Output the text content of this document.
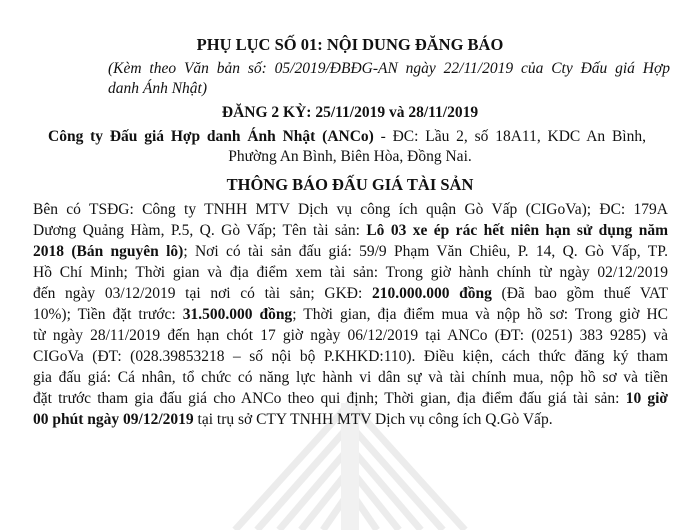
PHỤ LỤC SỐ 01: NỘI DUNG ĐĂNG BÁO
(Kèm theo Văn bản số: 05/2019/ĐBĐG-AN ngày 22/11/2019 của Cty Đấu giá Hợp
danh Ánh Nhật)
ĐĂNG 2 KỲ: 25/11/2019 và 28/11/2019
Công ty Đấu giá Hợp danh Ánh Nhật (ANCo) - ĐC: Lầu 2, số 18A11, KDC An Bình,
Phường An Bình, Biên Hòa, Đồng Nai.
THÔNG BÁO ĐẤU GIÁ TÀI SẢN
Bên có TSĐG: Công ty TNHH MTV Dịch vụ công ích quận Gò Vấp (CIGoVa); ĐC: 179A
Dương Quảng Hàm, P.5, Q. Gò Vấp; Tên tài sản: Lô 03 xe ép rác hết niên hạn sử dụng năm
2018 (Bán nguyên lô); Nơi có tài sản đấu giá: 59/9 Phạm Văn Chiêu, P. 14, Q. Gò Vấp, TP.
Hồ Chí Minh; Thời gian và địa điểm xem tài sản: Trong giờ hành chính từ ngày 02/12/2019
đến ngày 03/12/2019 tại nơi có tài sản; GKĐ: 210.000.000 đồng (Đã bao gồm thuế VAT
10%); Tiền đặt trước: 31.500.000 đồng; Thời gian, địa điểm mua và nộp hồ sơ: Trong giờ HC
từ ngày 28/11/2019 đến hạn chót 17 giờ ngày 06/12/2019 tại ANCo (ĐT: (0251) 383 9285) và
CIGoVa (ĐT: (028.39853218 – số nội bộ P.KHKD:110). Điều kiện, cách thức đăng ký tham
gia đấu giá: Cá nhân, tổ chức có năng lực hành vi dân sự và tài chính mua, nộp hồ sơ và tiền
đặt trước tham gia đấu giá cho ANCo theo qui định; Thời gian, địa điểm đấu giá tài sản: 10 giờ
00 phút ngày 09/12/2019 tại trụ sở CTY TNHH MTV Dịch vụ công ích Q.Gò Vấp.
